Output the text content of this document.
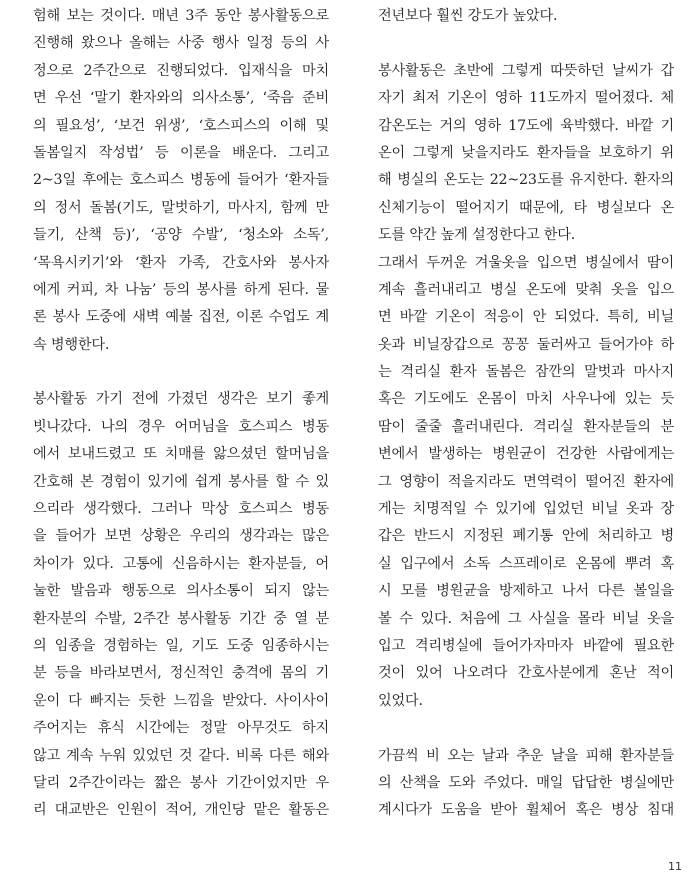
험해 보는 것이다. 매년 3주 동안 봉사활동으로
진행해 왔으나 올해는 사중 행사 일정 등의 사
정으로 2주간으로 진행되었다. 입재식을 마치
면 우선 ‘말기 환자와의 의사소통’, ‘죽음 준비
의 필요성’, ‘보건 위생’, ‘호스피스의 이해 및
돌봄일지 작성법’ 등 이론을 배운다. 그리고
2~3일 후에는 호스피스 병동에 들어가 ‘환자들
의 정서 돌봄(기도, 말벗하기, 마사지, 함께 만
들기, 산책 등)’, ‘공양 수발’, ‘청소와 소독’,
‘목욕시키기’와 ‘환자 가족, 간호사와 봉사자
에게 커피, 차 나눔’ 등의 봉사를 하게 된다. 물
론 봉사 도중에 새벽 예불 집전, 이론 수업도 계
속 병행한다.
봉사활동 가기 전에 가졌던 생각은 보기 좋게
빗나갔다. 나의 경우 어머님을 호스피스 병동
에서 보내드렸고 또 치매를 앓으셨던 할머님을
간호해 본 경험이 있기에 쉽게 봉사를 할 수 있
으리라 생각했다. 그러나 막상 호스피스 병동
을 들어가 보면 상황은 우리의 생각과는 많은
차이가 있다. 고통에 신음하시는 환자분들, 어
눌한 발음과 행동으로 의사소통이 되지 않는
환자분의 수발, 2주간 봉사활동 기간 중 열 분
의 임종을 경험하는 일, 기도 도중 임종하시는
분 등을 바라보면서, 정신적인 충격에 몸의 기
운이 다 빠지는 듯한 느낌을 받았다. 사이사이
주어지는 휴식 시간에는 정말 아무것도 하지
않고 계속 누워 있었던 것 같다. 비록 다른 해와
달리 2주간이라는 짧은 봉사 기간이었지만 우
리 대교반은 인원이 적어, 개인당 맡은 활동은
전년보다 훨씬 강도가 높았다.
봉사활동은 초반에 그렇게 따뜻하던 날씨가 갑
자기 최저 기온이 영하 11도까지 떨어졌다. 체
감온도는 거의 영하 17도에 육박했다. 바깥 기
온이 그렇게 낮을지라도 환자들을 보호하기 위
해 병실의 온도는 22~23도를 유지한다. 환자의
신체기능이 떨어지기 때문에, 타 병실보다 온
도를 약간 높게 설정한다고 한다.
그래서 두꺼운 겨울옷을 입으면 병실에서 땀이
계속 흘러내리고 병실 온도에 맞춰 옷을 입으
면 바깥 기온이 적응이 안 되었다. 특히, 비닐
옷과 비닐장갑으로 꽁꽁 둘러싸고 들어가야 하
는 격리실 환자 돌봄은 잠깐의 말벗과 마사지
혹은 기도에도 온몸이 마치 사우나에 있는 듯
땀이 줄줄 흘러내린다. 격리실 환자분들의 분
변에서 발생하는 병원균이 건강한 사람에게는
그 영향이 적을지라도 면역력이 떨어진 환자에
게는 치명적일 수 있기에 입었던 비닐 옷과 장
갑은 반드시 지정된 폐기통 안에 처리하고 병
실 입구에서 소독 스프레이로 온몸에 뿌려 혹
시 모를 병원균을 방제하고 나서 다른 볼일을
볼 수 있다. 처음에 그 사실을 몰라 비닐 옷을
입고 격리병실에 들어가자마자 바깥에 필요한
것이 있어 나오려다 간호사분에게 혼난 적이
있었다.
가끔씩 비 오는 날과 추운 날을 피해 환자분들
의 산책을 도와 주었다. 매일 답답한 병실에만
계시다가 도움을 받아 휠체어 혹은 병상 침대
11
